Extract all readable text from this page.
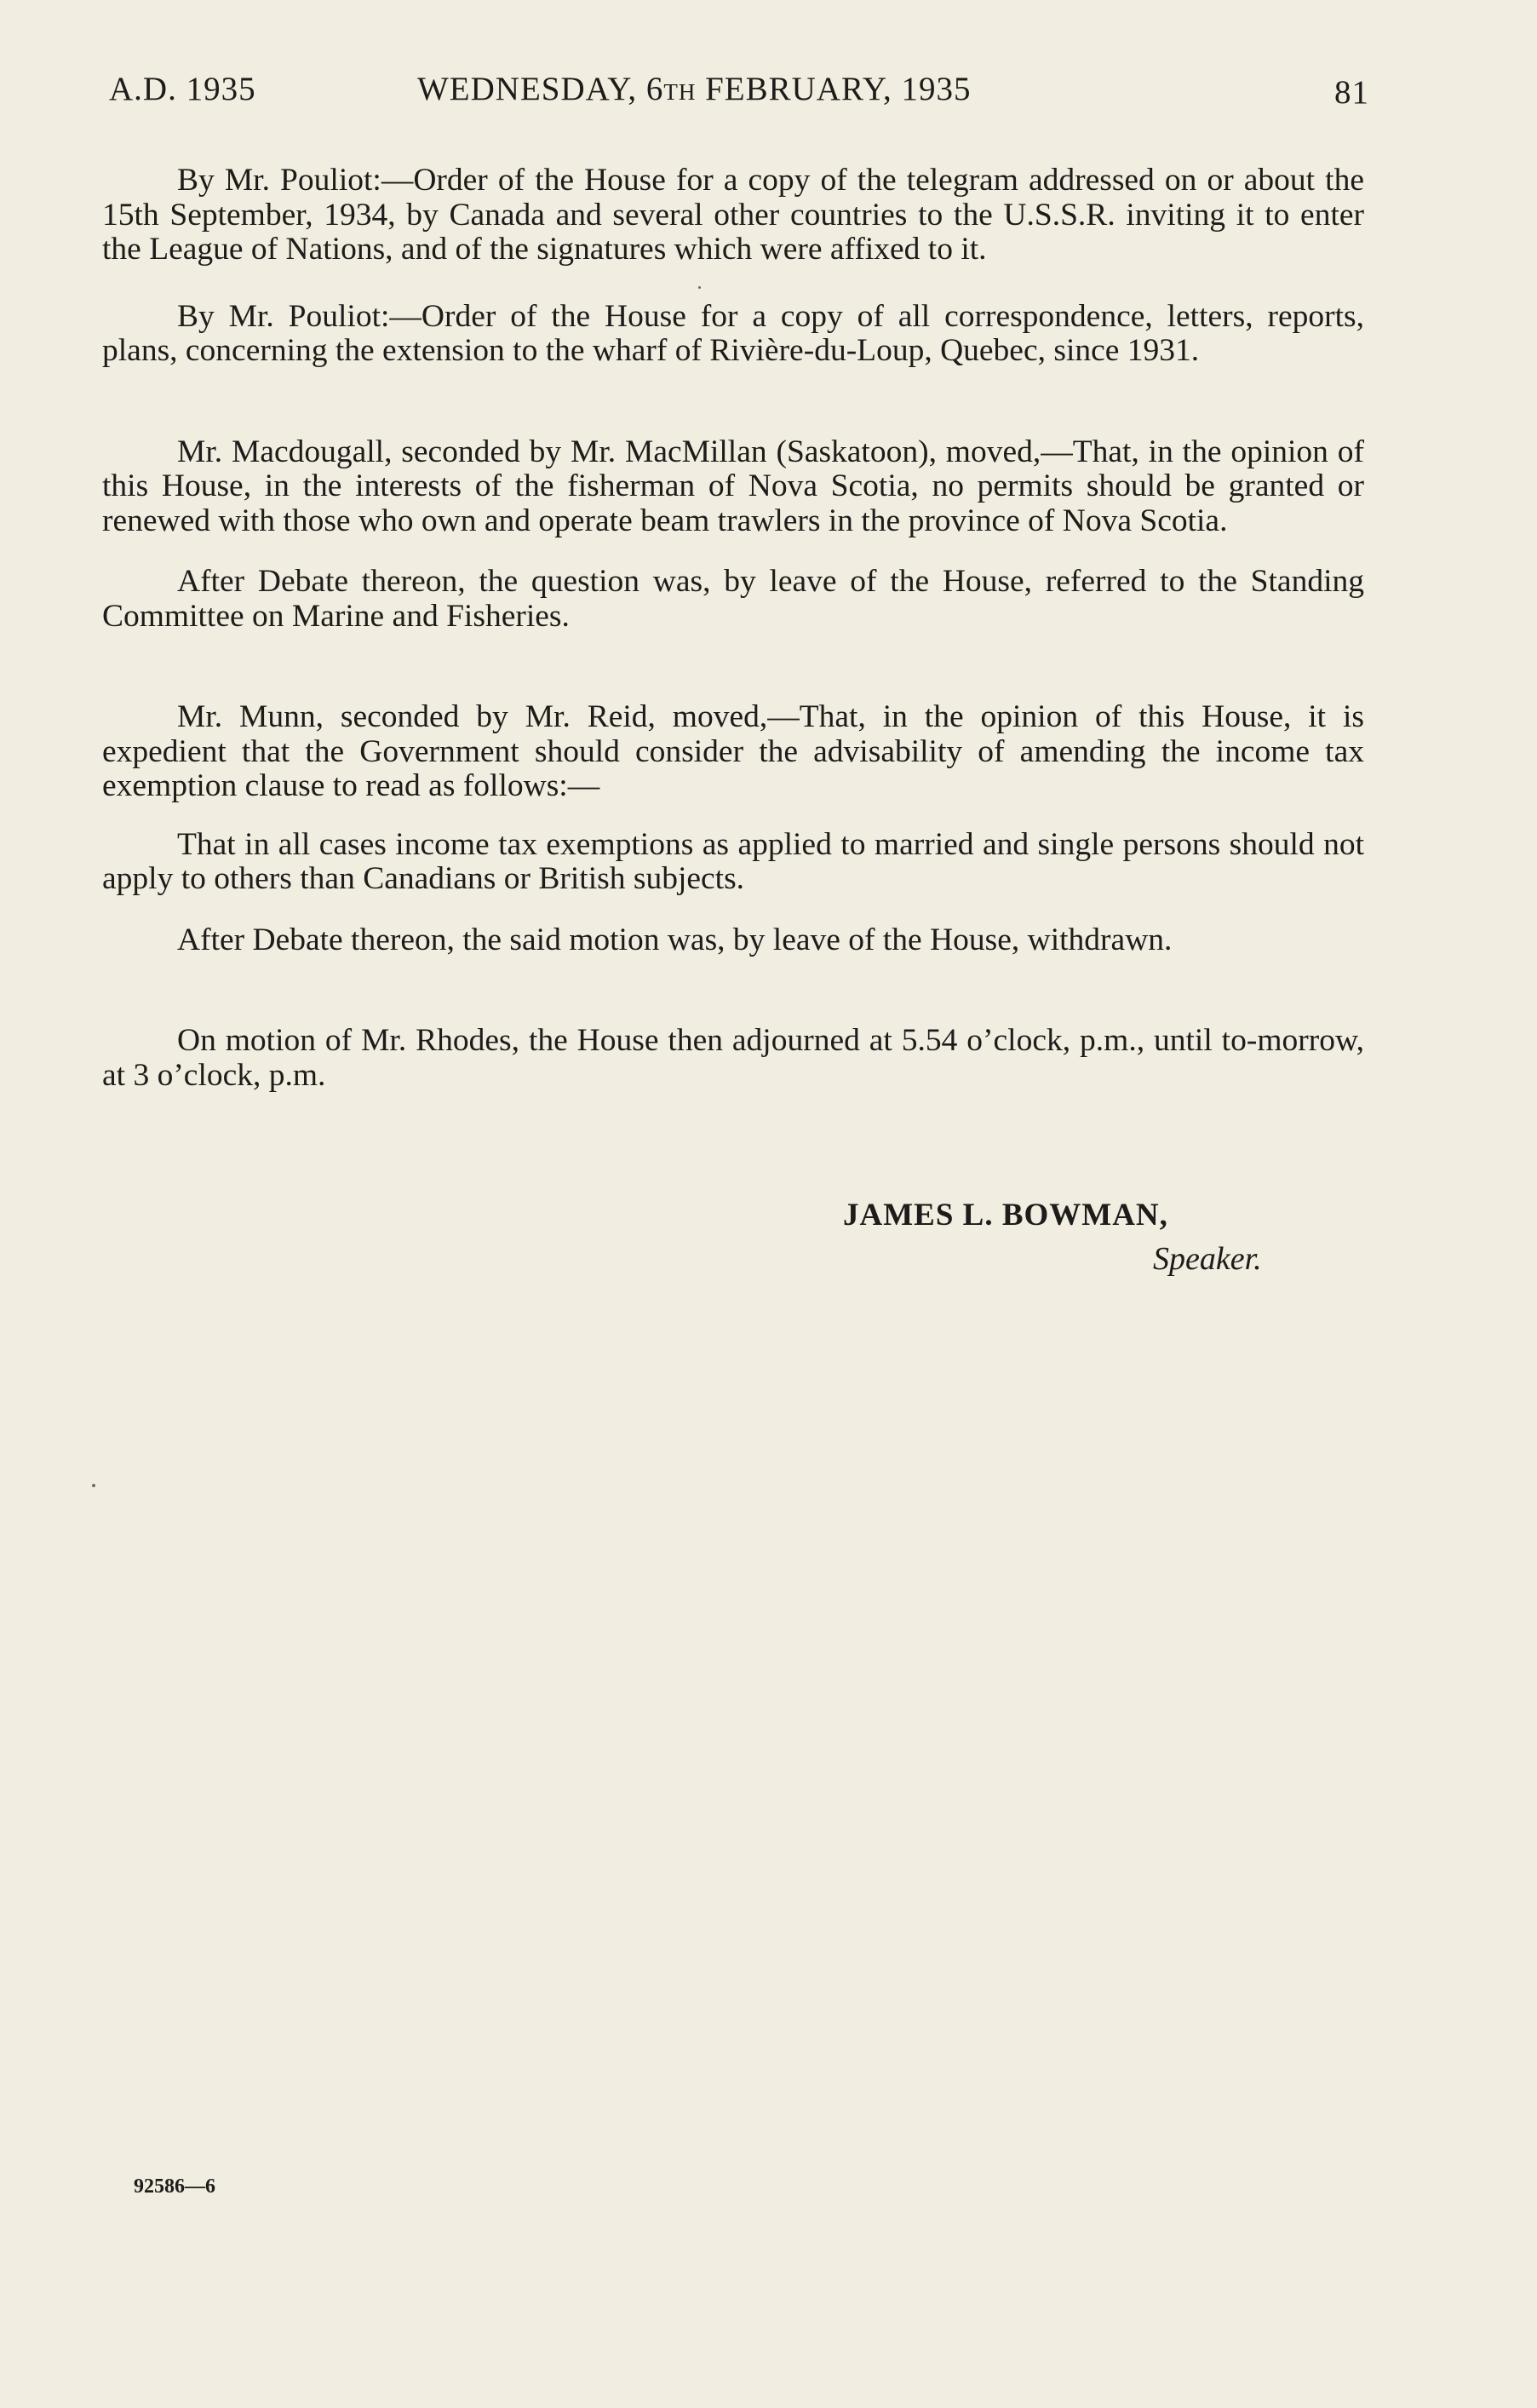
A.D. 1935	WEDNESDAY, 6th FEBRUARY, 1935	81

By Mr. Pouliot:—Order of the House for a copy of the telegram addressed on or about the 15th September, 1934, by Canada and several other countries to the U.S.S.R. inviting it to enter the League of Nations, and of the signatures which were affixed to it.

By Mr. Pouliot:—Order of the House for a copy of all correspondence, letters, reports, plans, concerning the extension to the wharf of Rivière-du-Loup, Quebec, since 1931.

Mr. Macdougall, seconded by Mr. MacMillan (Saskatoon), moved,—That, in the opinion of this House, in the interests of the fisherman of Nova Scotia, no permits should be granted or renewed with those who own and operate beam trawlers in the province of Nova Scotia.

After Debate thereon, the question was, by leave of the House, referred to the Standing Committee on Marine and Fisheries.

Mr. Munn, seconded by Mr. Reid, moved,—That, in the opinion of this House, it is expedient that the Government should consider the advisability of amending the income tax exemption clause to read as follows:—

That in all cases income tax exemptions as applied to married and single persons should not apply to others than Canadians or British subjects.

After Debate thereon, the said motion was, by leave of the House, withdrawn.

On motion of Mr. Rhodes, the House then adjourned at 5.54 o’clock, p.m., until to-morrow, at 3 o’clock, p.m.

JAMES L. BOWMAN,
Speaker.
92586—6
